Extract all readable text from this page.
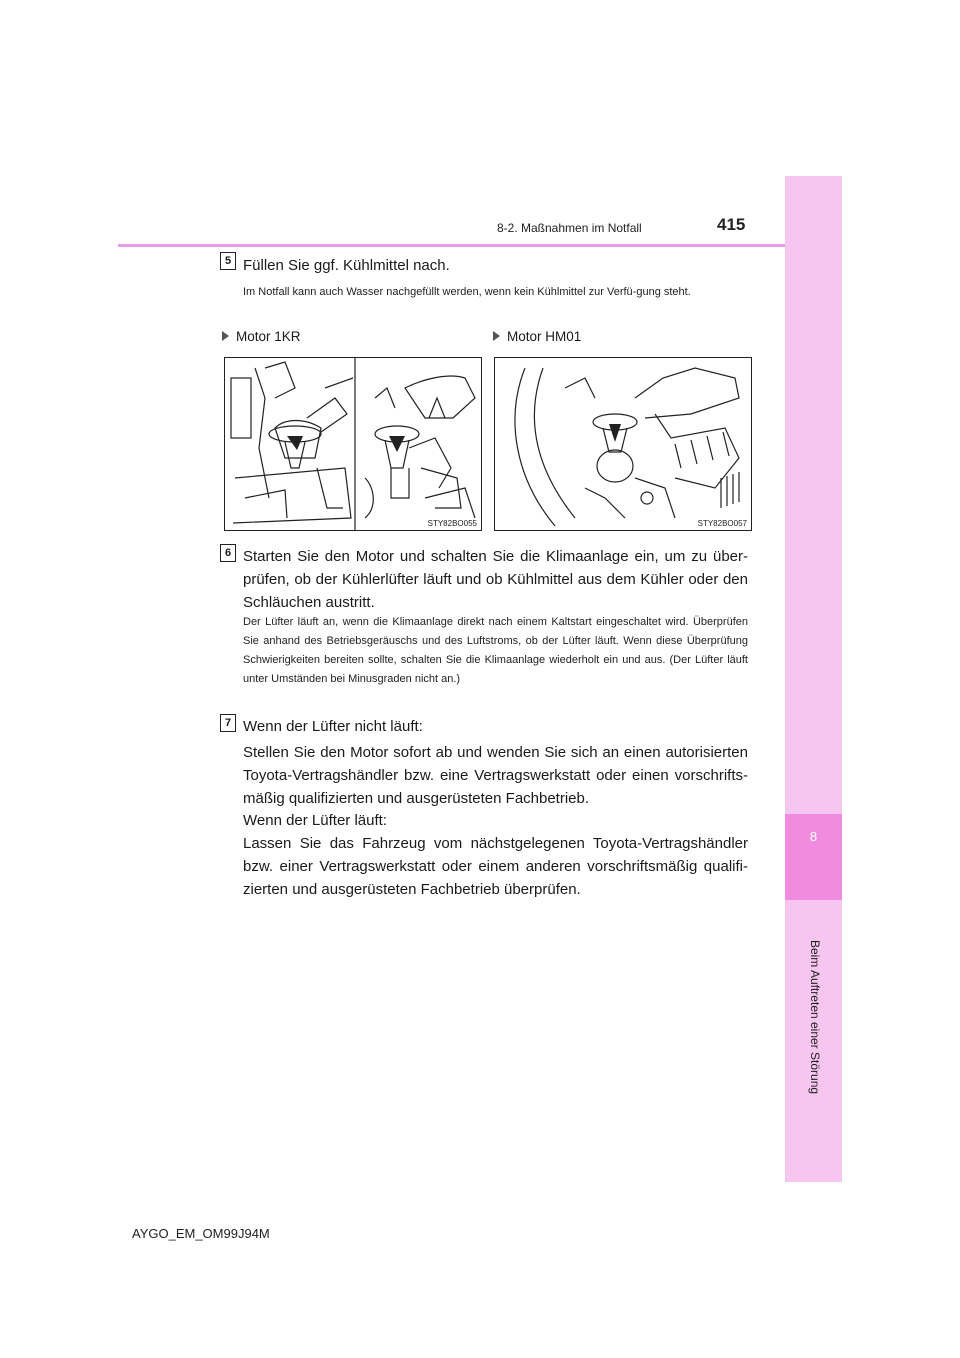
8
Beim Auftreten einer Störung
8-2. Maßnahmen im Notfall	415
5 Füllen Sie ggf. Kühlmittel nach.
Im Notfall kann auch Wasser nachgefüllt werden, wenn kein Kühlmittel zur Verfü-gung steht.
Motor 1KR	Motor HM01
STY82BO055	STY82BO057
6 Starten Sie den Motor und schalten Sie die Klimaanlage ein, um zu über-prüfen, ob der Kühlerlüfter läuft und ob Kühlmittel aus dem Kühler oder den Schläuchen austritt.
Der Lüfter läuft an, wenn die Klimaanlage direkt nach einem Kaltstart eingeschaltet wird. Überprüfen Sie anhand des Betriebsgeräuschs und des Luftstroms, ob der Lüfter läuft. Wenn diese Überprüfung Schwierigkeiten bereiten sollte, schalten Sie die Klimaanlage wiederholt ein und aus. (Der Lüfter läuft unter Umständen bei Minusgraden nicht an.)
7 Wenn der Lüfter nicht läuft:
Stellen Sie den Motor sofort ab und wenden Sie sich an einen autorisierten Toyota-Vertragshändler bzw. eine Vertragswerkstatt oder einen vorschrifts-mäßig qualifizierten und ausgerüsteten Fachbetrieb.
Wenn der Lüfter läuft:
Lassen Sie das Fahrzeug vom nächstgelegenen Toyota-Vertragshändler bzw. einer Vertragswerkstatt oder einem anderen vorschriftsmäßig qualifi-zierten und ausgerüsteten Fachbetrieb überprüfen.
AYGO_EM_OM99J94M
